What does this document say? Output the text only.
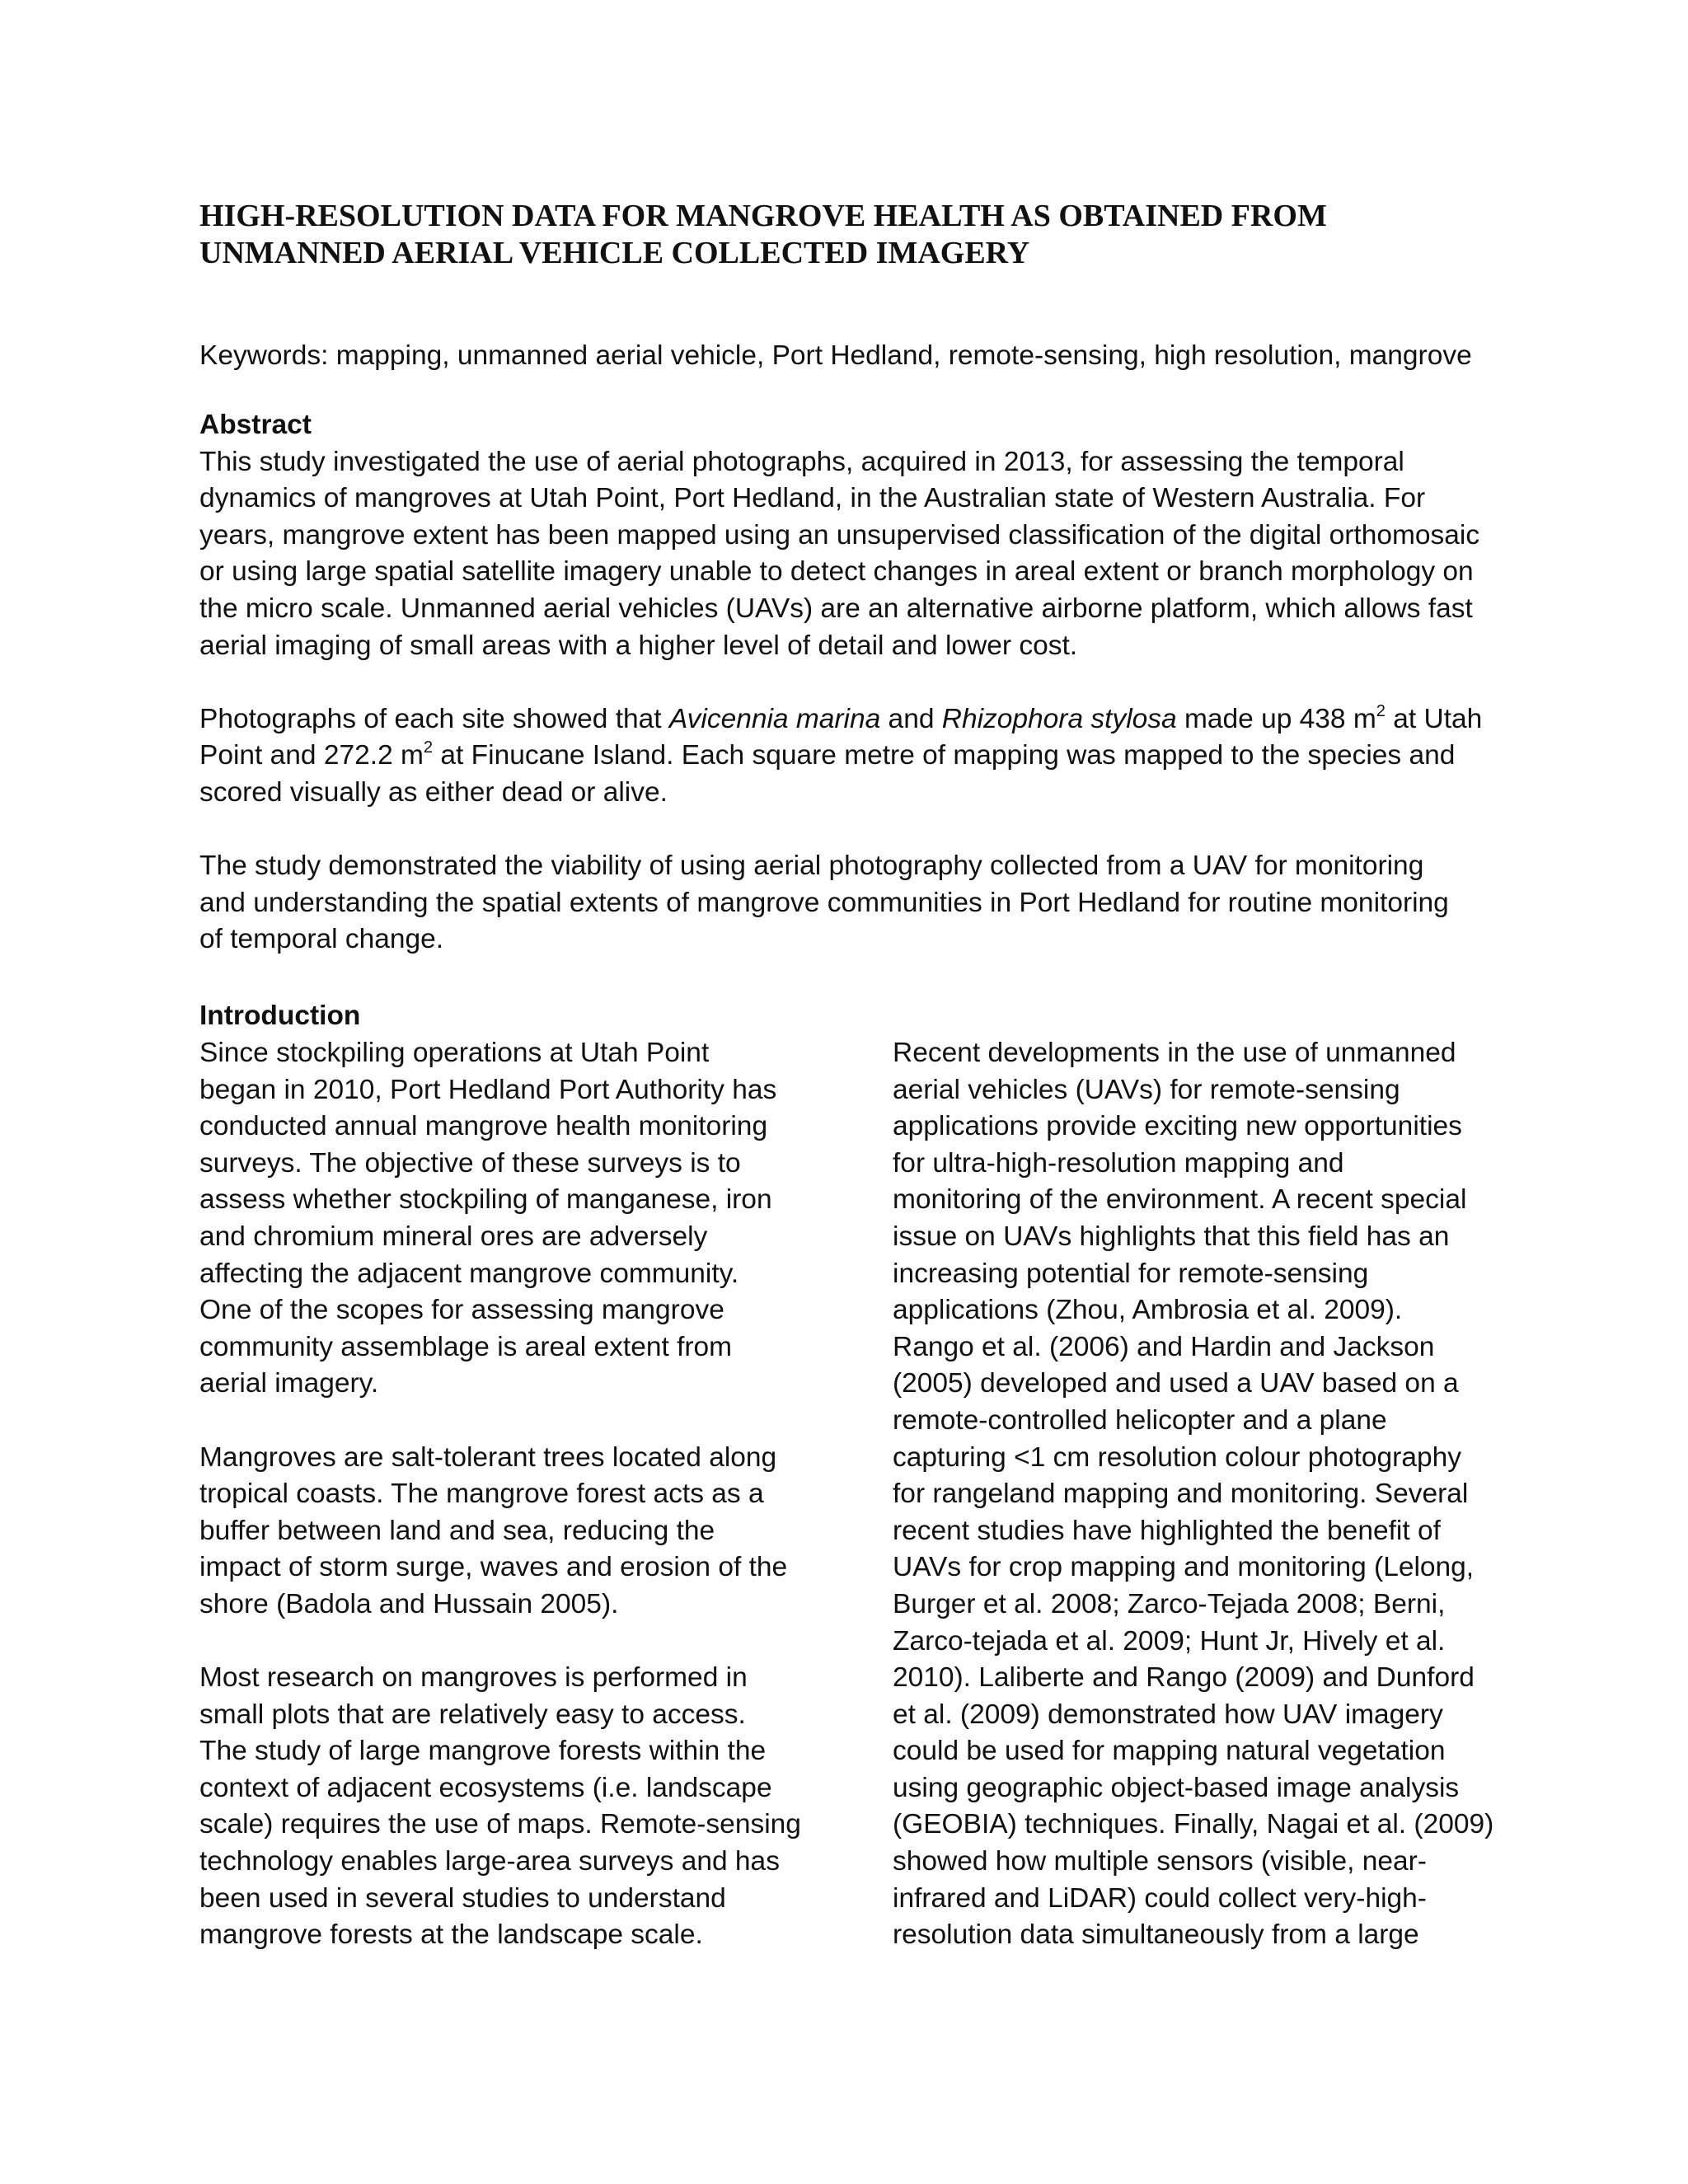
HIGH-RESOLUTION DATA FOR MANGROVE HEALTH AS OBTAINED FROM
UNMANNED AERIAL VEHICLE COLLECTED IMAGERY
Keywords: mapping, unmanned aerial vehicle, Port Hedland, remote-sensing, high resolution, mangrove
Abstract
This study investigated the use of aerial photographs, acquired in 2013, for assessing the temporal
dynamics of mangroves at Utah Point, Port Hedland, in the Australian state of Western Australia. For
years, mangrove extent has been mapped using an unsupervised classification of the digital orthomosaic
or using large spatial satellite imagery unable to detect changes in areal extent or branch morphology on
the micro scale. Unmanned aerial vehicles (UAVs) are an alternative airborne platform, which allows fast
aerial imaging of small areas with a higher level of detail and lower cost.
Photographs of each site showed that Avicennia marina and Rhizophora stylosa made up 438 $m^2$ at Utah
Point and 272.2 $m^2$ at Finucane Island. Each square metre of mapping was mapped to the species and
scored visually as either dead or alive.
The study demonstrated the viability of using aerial photography collected from a UAV for monitoring
and understanding the spatial extents of mangrove communities in Port Hedland for routine monitoring
of temporal change.
Introduction
Since stockpiling operations at Utah Point
began in 2010, Port Hedland Port Authority has
conducted annual mangrove health monitoring
surveys. The objective of these surveys is to
assess whether stockpiling of manganese, iron
and chromium mineral ores are adversely
affecting the adjacent mangrove community.
One of the scopes for assessing mangrove
community assemblage is areal extent from
aerial imagery.
Mangroves are salt-tolerant trees located along
tropical coasts. The mangrove forest acts as a
buffer between land and sea, reducing the
impact of storm surge, waves and erosion of the
shore (Badola and Hussain 2005).
Most research on mangroves is performed in
small plots that are relatively easy to access.
The study of large mangrove forests within the
context of adjacent ecosystems (i.e. landscape
scale) requires the use of maps. Remote-sensing
technology enables large-area surveys and has
been used in several studies to understand
mangrove forests at the landscape scale.
Recent developments in the use of unmanned
aerial vehicles (UAVs) for remote-sensing
applications provide exciting new opportunities
for ultra-high-resolution mapping and
monitoring of the environment. A recent special
issue on UAVs highlights that this field has an
increasing potential for remote-sensing
applications (Zhou, Ambrosia et al. 2009).
Rango et al. (2006) and Hardin and Jackson
(2005) developed and used a UAV based on a
remote-controlled helicopter and a plane
capturing <1 cm resolution colour photography
for rangeland mapping and monitoring. Several
recent studies have highlighted the benefit of
UAVs for crop mapping and monitoring (Lelong,
Burger et al. 2008; Zarco-Tejada 2008; Berni,
Zarco-tejada et al. 2009; Hunt Jr, Hively et al.
2010). Laliberte and Rango (2009) and Dunford
et al. (2009) demonstrated how UAV imagery
could be used for mapping natural vegetation
using geographic object-based image analysis
(GEOBIA) techniques. Finally, Nagai et al. (2009)
showed how multiple sensors (visible, near-
infrared and LiDAR) could collect very-high-
resolution data simultaneously from a large
